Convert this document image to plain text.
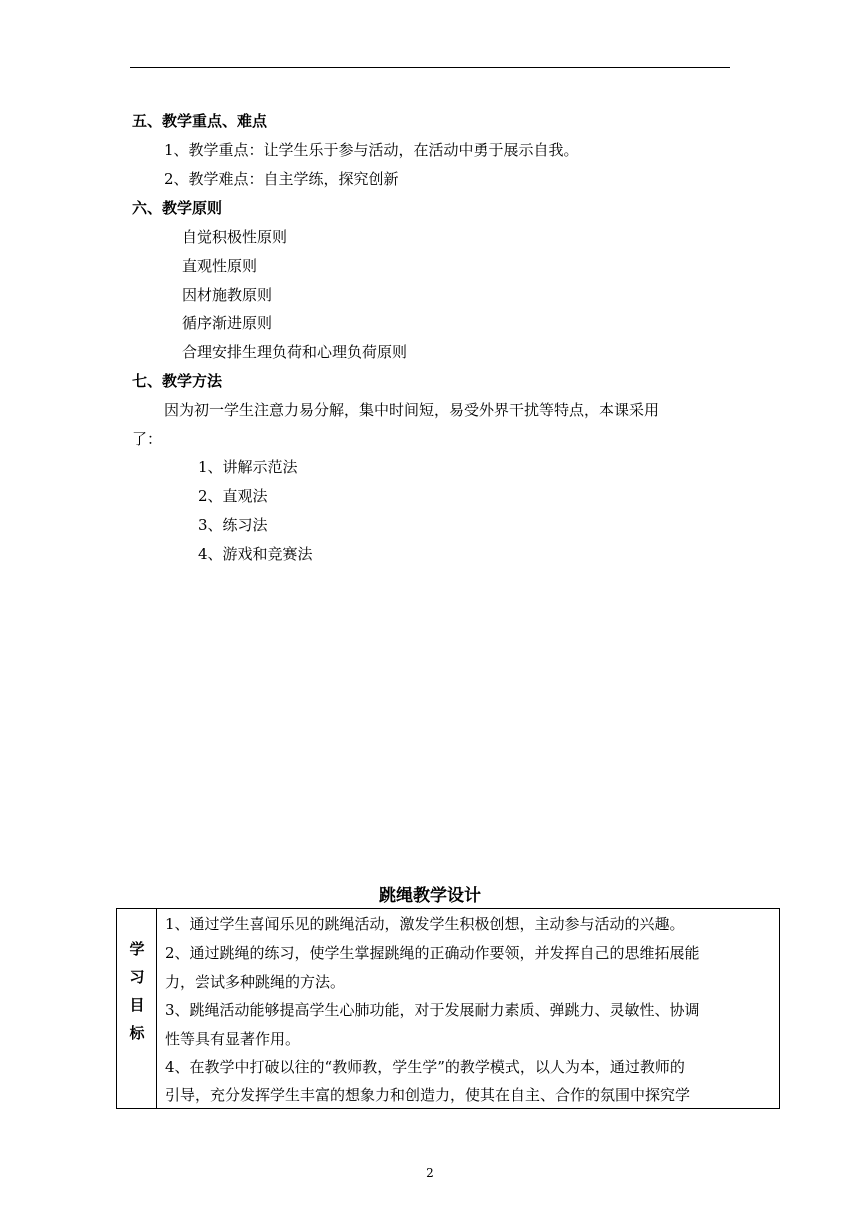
五、教学重点、难点
1、教学重点：让学生乐于参与活动，在活动中勇于展示自我。
2、教学难点：自主学练，探究创新
六、教学原则
自觉积极性原则
直观性原则
因材施教原则
循序渐进原则
合理安排生理负荷和心理负荷原则
七、教学方法
因为初一学生注意力易分解，集中时间短，易受外界干扰等特点，本课采用
了：
1、讲解示范法
2、直观法
3、练习法
4、游戏和竞赛法
跳绳教学设计
学
习
目
标
1、通过学生喜闻乐见的跳绳活动，激发学生积极创想，主动参与活动的兴趣。
2、通过跳绳的练习，使学生掌握跳绳的正确动作要领，并发挥自己的思维拓展能
力，尝试多种跳绳的方法。
3、跳绳活动能够提高学生心肺功能，对于发展耐力素质、弹跳力、灵敏性、协调
性等具有显著作用。
4、在教学中打破以往的“教师教，学生学”的教学模式，以人为本，通过教师的
引导，充分发挥学生丰富的想象力和创造力，使其在自主、合作的氛围中探究学
2
